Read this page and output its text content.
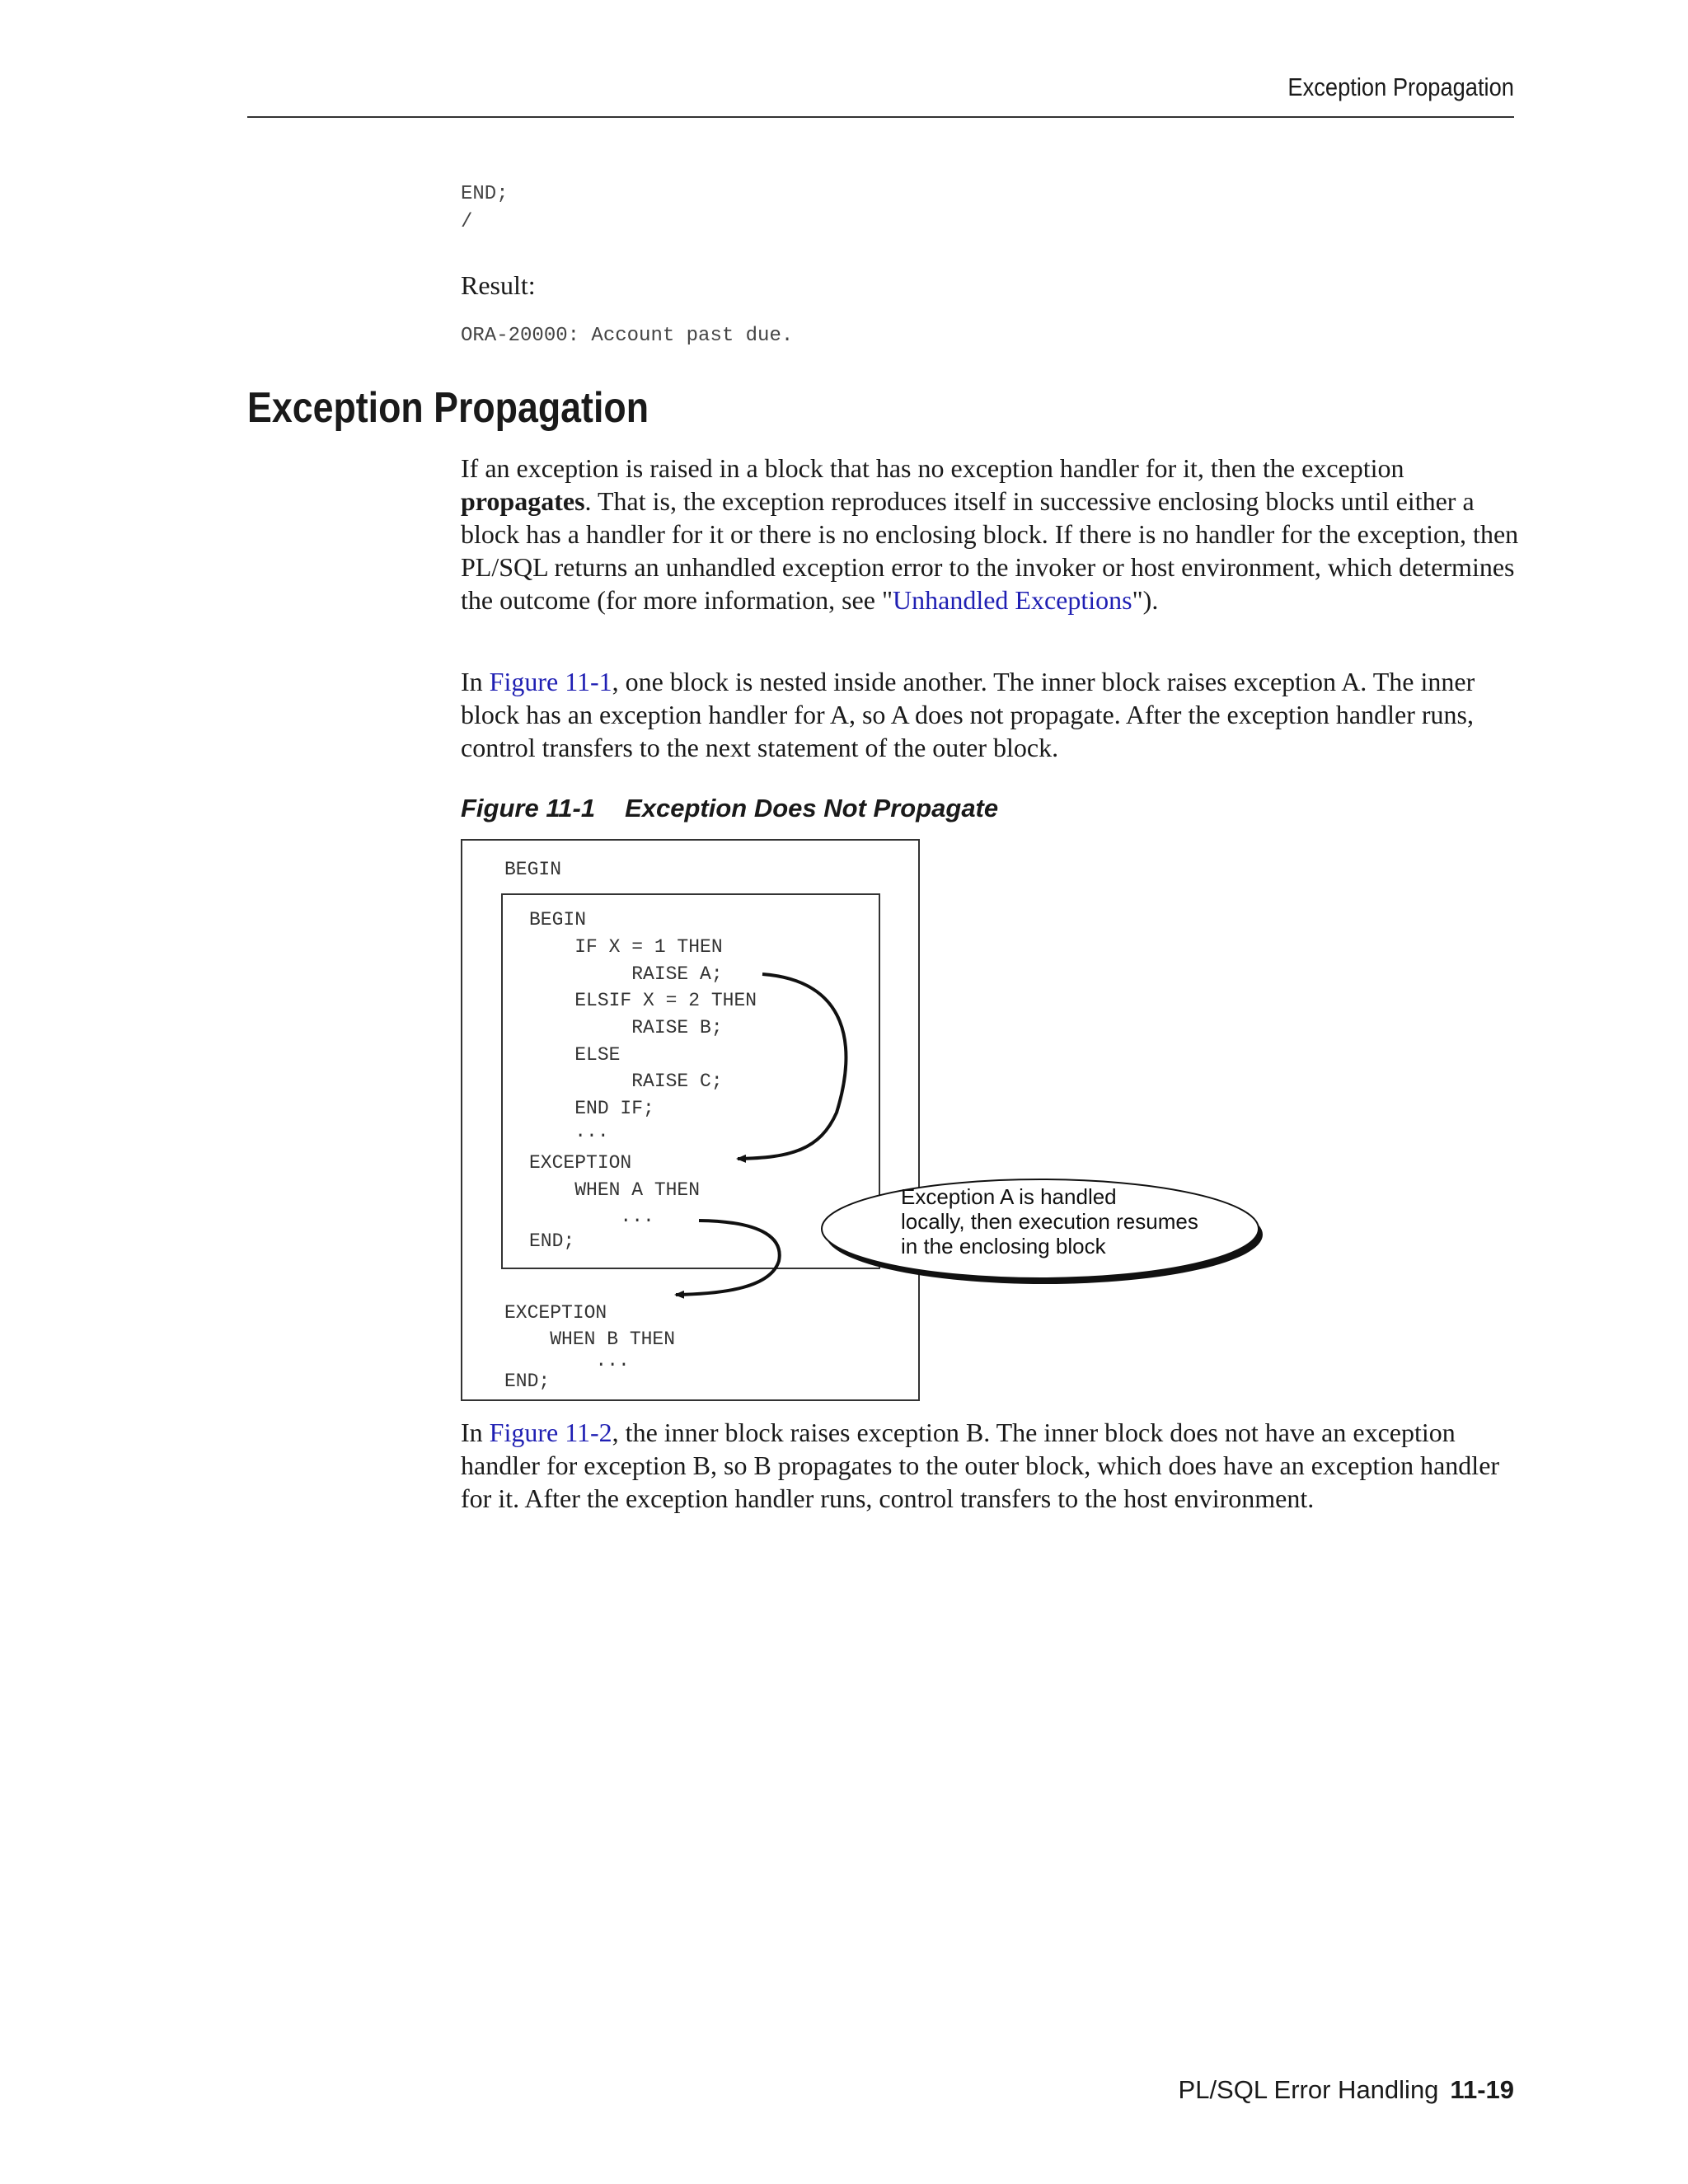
Exception Propagation
END;
/
Result:
ORA-20000: Account past due.
Exception Propagation
If an exception is raised in a block that has no exception handler for it, then the exception propagates. That is, the exception reproduces itself in successive enclosing blocks until either a block has a handler for it or there is no enclosing block. If there is no handler for the exception, then PL/SQL returns an unhandled exception error to the invoker or host environment, which determines the outcome (for more information, see "Unhandled Exceptions").
In Figure 11-1, one block is nested inside another. The inner block raises exception A. The inner block has an exception handler for A, so A does not propagate. After the exception handler runs, control transfers to the next statement of the outer block.
Figure 11-1 Exception Does Not Propagate
BEGIN
BEGIN
IF X = 1 THEN
RAISE A;
ELSIF X = 2 THEN
RAISE B;
ELSE
RAISE C;
END IF;
...
EXCEPTION
WHEN A THEN
...
END;
EXCEPTION
WHEN B THEN
...
END;
Exception A is handled
locally, then execution resumes
in the enclosing block
In Figure 11-2, the inner block raises exception B. The inner block does not have an exception handler for exception B, so B propagates to the outer block, which does have an exception handler for it. After the exception handler runs, control transfers to the host environment.
PL/SQL Error Handling 11-19
